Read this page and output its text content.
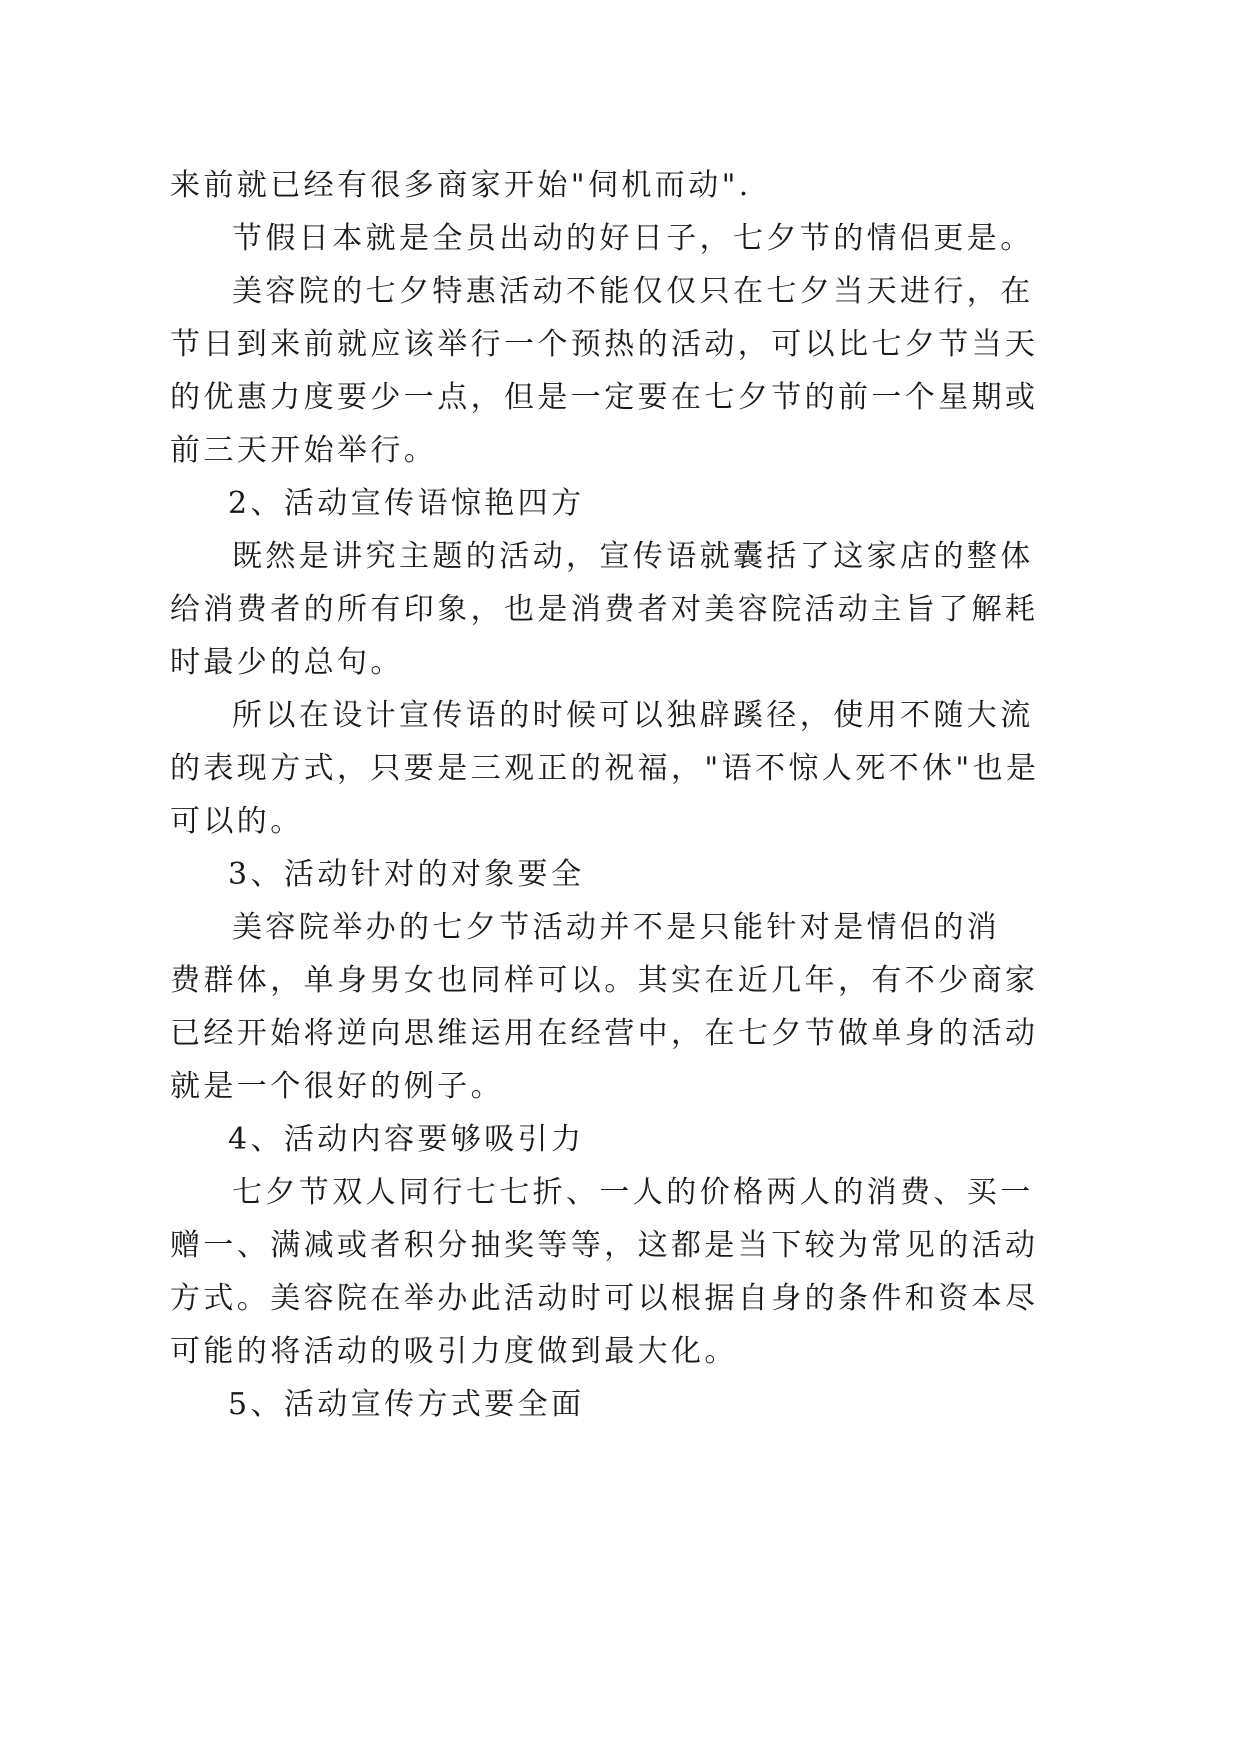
来前就已经有很多商家开始"伺机而动".
节假日本就是全员出动的好日子，七夕节的情侣更是。
美容院的七夕特惠活动不能仅仅只在七夕当天进行，在
节日到来前就应该举行一个预热的活动，可以比七夕节当天
的优惠力度要少一点，但是一定要在七夕节的前一个星期或
前三天开始举行。
2、活动宣传语惊艳四方
既然是讲究主题的活动，宣传语就囊括了这家店的整体
给消费者的所有印象，也是消费者对美容院活动主旨了解耗
时最少的总句。
所以在设计宣传语的时候可以独辟蹊径，使用不随大流
的表现方式，只要是三观正的祝福，"语不惊人死不休"也是
可以的。
3、活动针对的对象要全
美容院举办的七夕节活动并不是只能针对是情侣的消
费群体，单身男女也同样可以。其实在近几年，有不少商家
已经开始将逆向思维运用在经营中，在七夕节做单身的活动
就是一个很好的例子。
4、活动内容要够吸引力
七夕节双人同行七七折、一人的价格两人的消费、买一
赠一、满减或者积分抽奖等等，这都是当下较为常见的活动
方式。美容院在举办此活动时可以根据自身的条件和资本尽
可能的将活动的吸引力度做到最大化。
5、活动宣传方式要全面
